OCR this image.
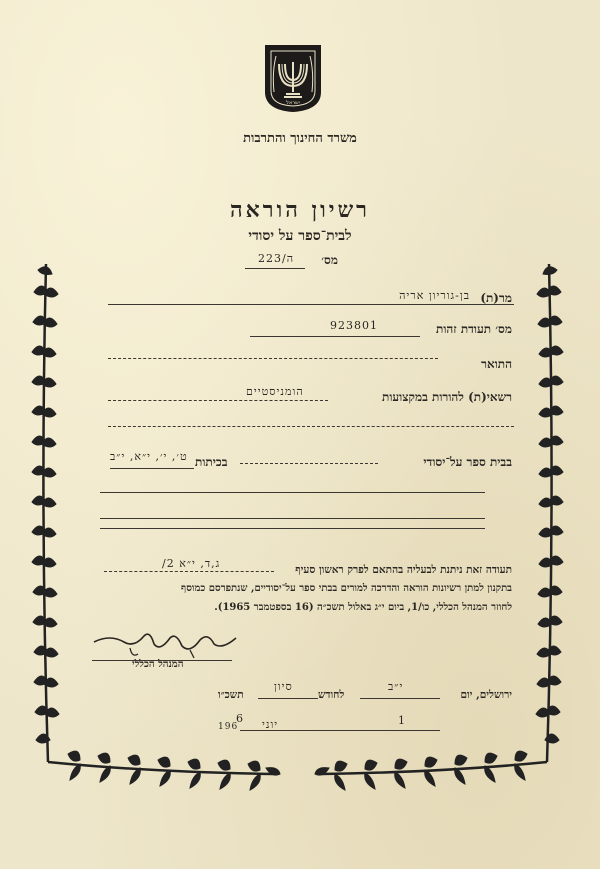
ישראל
משרד החינוך והתרבות
רשיון הוראה
לבית־ספר על יסודי
מס׳
ה/223
מר(ת)
בן-גוריון אריה
מס׳ תעודת זהות
923801
התואר
רשאי(ת) להורות במקצועות
הומניסטיים
בבית ספר על־יסודי
בכיתות
ט׳, י׳, י״א, י״ב
תעודה זאת ניתנת לבעליה בהתאם לפרק ראשון סעיף
ג,ד, י״א 2/
בתקנון למתן רשיונות הוראה והדרכה למורים בבתי ספר על־יסודיים, שנתפרסם כמוסף
לחוזר המנהל הכללי, כו/1, ביום י״ג באלול תשכ״ה (16 בספטמבר 1965).
המנהל הכללי
ירושלים, יום
י״ב
לחודש
סיון
תשכ״ו
1
יוני
196
6
